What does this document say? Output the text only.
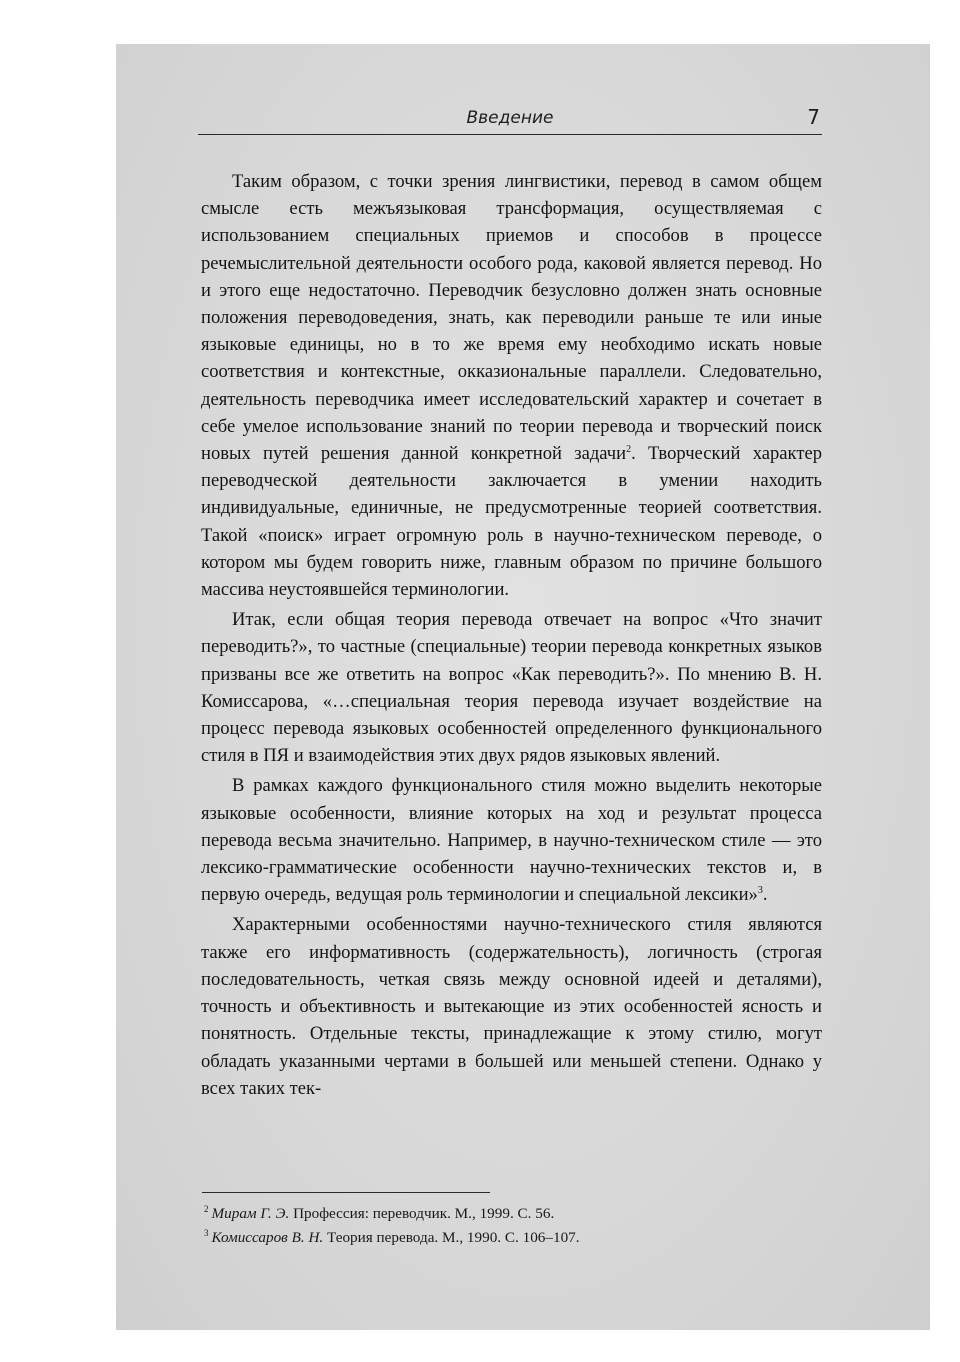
Введение	7

Таким образом, с точки зрения лингвистики, перевод в самом общем смысле есть межъязыковая трансформация, осуществляемая с использованием специальных приемов и способов в процессе речемыслительной деятельности особого рода, каковой является перевод. Но и этого еще недостаточно. Переводчик безусловно должен знать основные положения переводоведения, знать, как переводили раньше те или иные языковые единицы, но в то же время ему необходимо искать новые соответствия и контекстные, окказиональные параллели. Следовательно, деятельность переводчика имеет исследовательский характер и сочетает в себе умелое использование знаний по теории перевода и творческий поиск новых путей решения данной конкретной задачи$^2$. Творческий характер переводческой деятельности заключается в умении находить индивидуальные, единичные, не предусмотренные теорией соответствия. Такой «поиск» играет огромную роль в научно-техническом переводе, о котором мы будем говорить ниже, главным образом по причине большого массива неустоявшейся терминологии.

Итак, если общая теория перевода отвечает на вопрос «Что значит переводить?», то частные (специальные) теории перевода конкретных языков призваны все же ответить на вопрос «Как переводить?». По мнению В. Н. Комиссарова, «…специальная теория перевода изучает воздействие на процесс перевода языковых особенностей определенного функционального стиля в ПЯ и взаимодействия этих двух рядов языковых явлений.

В рамках каждого функционального стиля можно выделить некоторые языковые особенности, влияние которых на ход и результат процесса перевода весьма значительно. Например, в научно-техническом стиле — это лексико-грамматические особенности научно-технических текстов и, в первую очередь, ведущая роль терминологии и специальной лексики»$^3$.

Характерными особенностями научно-технического стиля являются также его информативность (содержательность), логичность (строгая последовательность, четкая связь между основной идеей и деталями), точность и объективность и вытекающие из этих особенностей ясность и понятность. Отдельные тексты, принадлежащие к этому стилю, могут обладать указанными чертами в большей или меньшей степени. Однако у всех таких тек-

$^2$ Мирам Г. Э. Профессия: переводчик. М., 1999. С. 56.
$^3$ Комиссаров В. Н. Теория перевода. М., 1990. С. 106–107.
